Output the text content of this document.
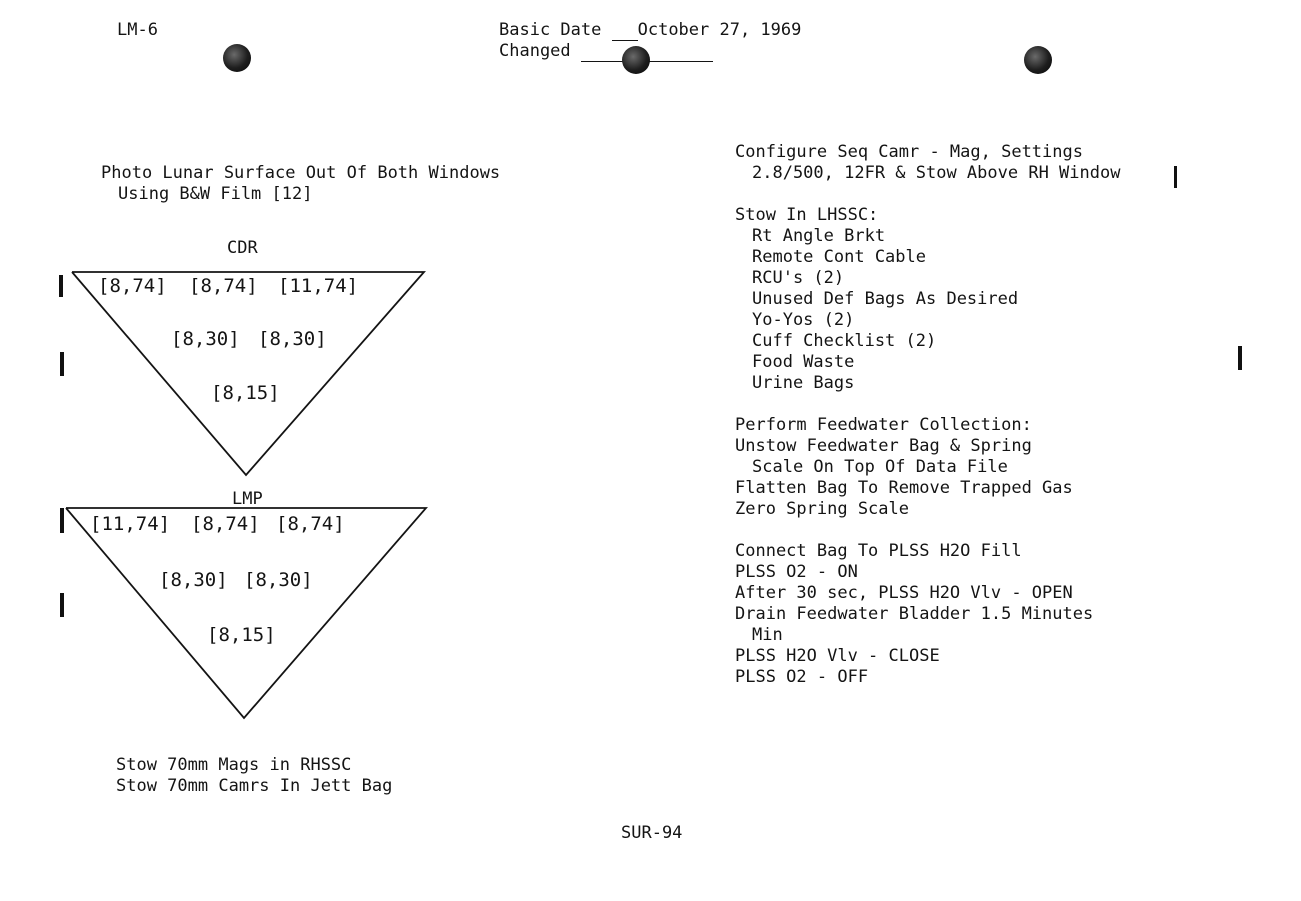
LM-6	Basic Date October 27, 1969
Changed
Photo Lunar Surface Out Of Both Windows
Using B&W Film [12]
CDR
[8,74] [8,74] [11,74]
[8,30] [8,30]
[8,15]
LMP
[11,74] [8,74] [8,74]
[8,30] [8,30]
[8,15]
Stow 70mm Mags in RHSSC
Stow 70mm Camrs In Jett Bag
Configure Seq Camr - Mag, Settings
2.8/500, 12FR & Stow Above RH Window
Stow In LHSSC:
Rt Angle Brkt
Remote Cont Cable
RCU's (2)
Unused Def Bags As Desired
Yo-Yos (2)
Cuff Checklist (2)
Food Waste
Urine Bags
Perform Feedwater Collection:
Unstow Feedwater Bag & Spring
Scale On Top Of Data File
Flatten Bag To Remove Trapped Gas
Zero Spring Scale
Connect Bag To PLSS H2O Fill
PLSS O2 - ON
After 30 sec, PLSS H2O Vlv - OPEN
Drain Feedwater Bladder 1.5 Minutes
Min
PLSS H2O Vlv - CLOSE
PLSS O2 - OFF
SUR-94
